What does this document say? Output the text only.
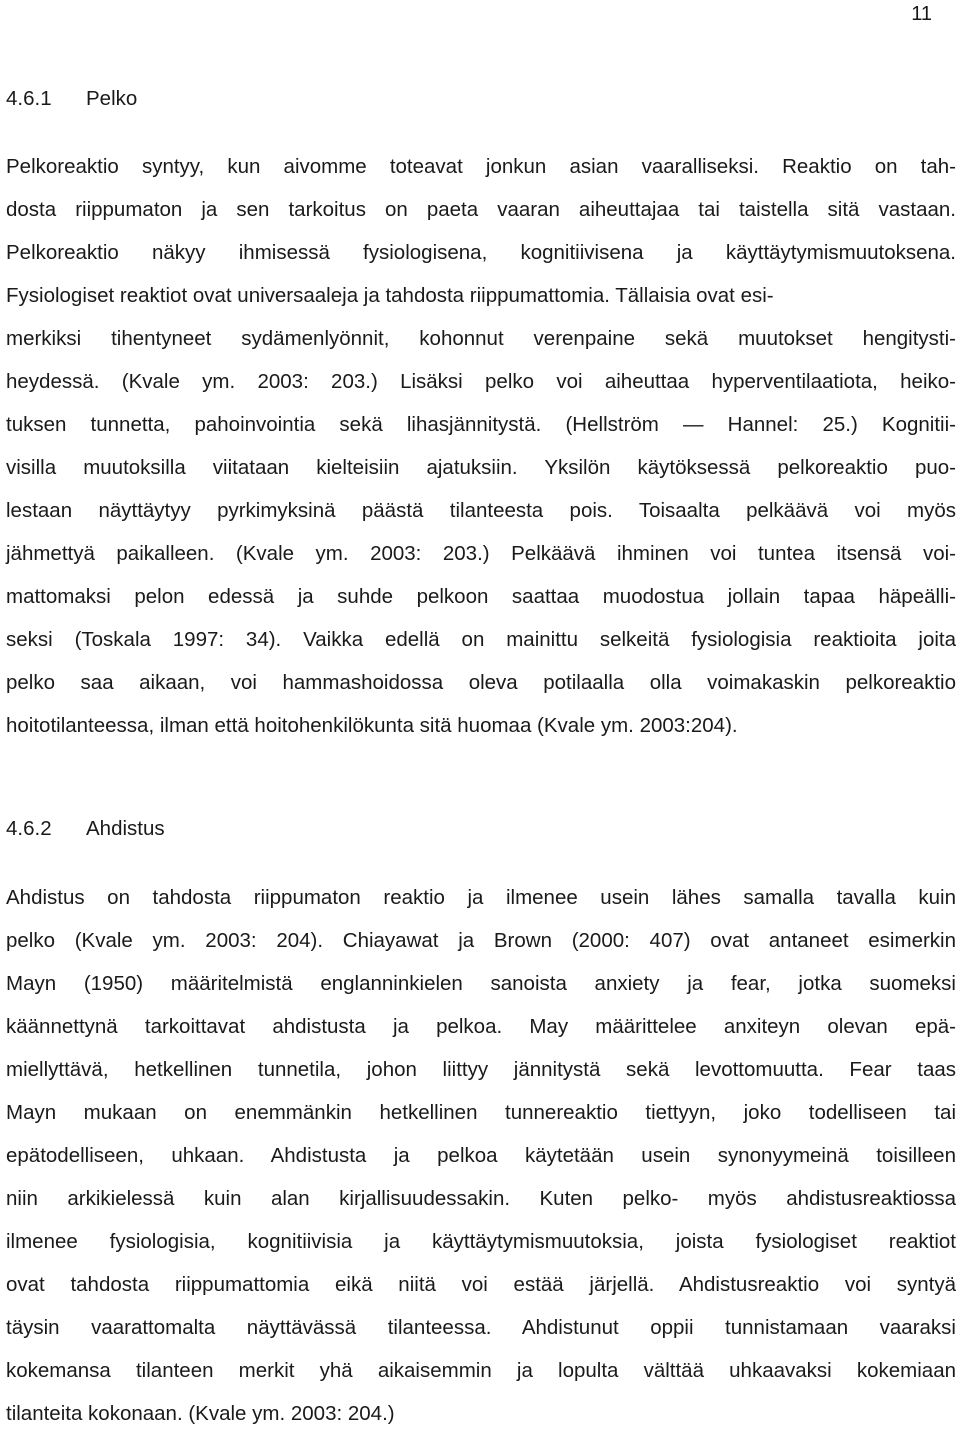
11
4.6.1 Pelko
Pelkoreaktio syntyy, kun aivomme toteavat jonkun asian vaaralliseksi. Reaktio on tah-
dosta riippumaton ja sen tarkoitus on paeta vaaran aiheuttajaa tai taistella sitä vastaan.
Pelkoreaktio näkyy ihmisessä fysiologisena, kognitiivisena ja käyttäytymismuutoksena.
Fysiologiset reaktiot ovat universaaleja ja tahdosta riippumattomia. Tällaisia ovat esi-
merkiksi tihentyneet sydämenlyönnit, kohonnut verenpaine sekä muutokset hengitysti-
heydessä. (Kvale ym. 2003: 203.) Lisäksi pelko voi aiheuttaa hyperventilaatiota, heiko-
tuksen tunnetta, pahoinvointia sekä lihasjännitystä. (Hellström — Hannel: 25.) Kognitii-
visilla muutoksilla viitataan kielteisiin ajatuksiin. Yksilön käytöksessä pelkoreaktio puo-
lestaan näyttäytyy pyrkimyksinä päästä tilanteesta pois. Toisaalta pelkäävä voi myös
jähmettyä paikalleen. (Kvale ym. 2003: 203.) Pelkäävä ihminen voi tuntea itsensä voi-
mattomaksi pelon edessä ja suhde pelkoon saattaa muodostua jollain tapaa häpeälli-
seksi (Toskala 1997: 34). Vaikka edellä on mainittu selkeitä fysiologisia reaktioita joita
pelko saa aikaan, voi hammashoidossa oleva potilaalla olla voimakaskin pelkoreaktio
hoitotilanteessa, ilman että hoitohenkilökunta sitä huomaa (Kvale ym. 2003:204).
4.6.2 Ahdistus
Ahdistus on tahdosta riippumaton reaktio ja ilmenee usein lähes samalla tavalla kuin
pelko (Kvale ym. 2003: 204). Chiayawat ja Brown (2000: 407) ovat antaneet esimerkin
Mayn (1950) määritelmistä englanninkielen sanoista anxiety ja fear, jotka suomeksi
käännettynä tarkoittavat ahdistusta ja pelkoa. May määrittelee anxiteyn olevan epä-
miellyttävä, hetkellinen tunnetila, johon liittyy jännitystä sekä levottomuutta. Fear taas
Mayn mukaan on enemmänkin hetkellinen tunnereaktio tiettyyn, joko todelliseen tai
epätodelliseen, uhkaan. Ahdistusta ja pelkoa käytetään usein synonyymeinä toisilleen
niin arkikielessä kuin alan kirjallisuudessakin. Kuten pelko- myös ahdistusreaktiossa
ilmenee fysiologisia, kognitiivisia ja käyttäytymismuutoksia, joista fysiologiset reaktiot
ovat tahdosta riippumattomia eikä niitä voi estää järjellä. Ahdistusreaktio voi syntyä
täysin vaarattomalta näyttävässä tilanteessa. Ahdistunut oppii tunnistamaan vaaraksi
kokemansa tilanteen merkit yhä aikaisemmin ja lopulta välttää uhkaavaksi kokemiaan
tilanteita kokonaan. (Kvale ym. 2003: 204.)
